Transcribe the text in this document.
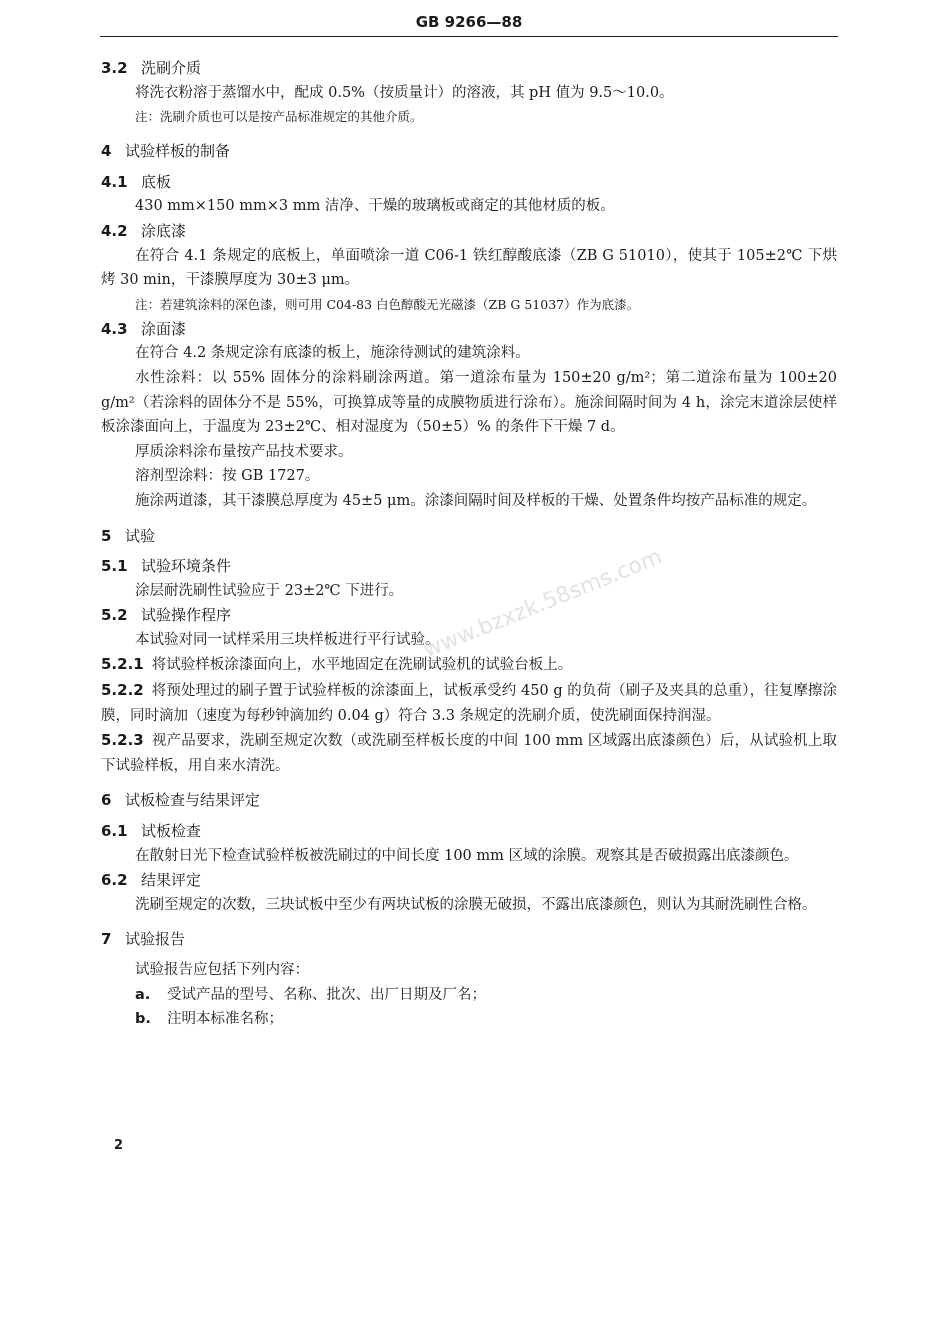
GB 9266—88
3.2 洗刷介质
将洗衣粉溶于蒸馏水中，配成 0.5%（按质量计）的溶液，其 pH 值为 9.5～10.0。
注：洗刷介质也可以是按产品标准规定的其他介质。
4 试验样板的制备
4.1 底板
430 mm×150 mm×3 mm 洁净、干燥的玻璃板或商定的其他材质的板。
4.2 涂底漆
在符合 4.1 条规定的底板上，单面喷涂一道 C06-1 铁红醇酸底漆（ZB G 51010），使其于 105±2℃ 下烘烤 30 min，干漆膜厚度为 30±3 μm。
注：若建筑涂料的深色漆，则可用 C04-83 白色醇酸无光磁漆（ZB G 51037）作为底漆。
4.3 涂面漆
在符合 4.2 条规定涂有底漆的板上，施涂待测试的建筑涂料。
水性涂料：以 55% 固体分的涂料刷涂两道。第一道涂布量为 150±20 g/m²；第二道涂布量为 100±20 g/m²（若涂料的固体分不是 55%，可换算成等量的成膜物质进行涂布）。施涂间隔时间为 4 h，涂完末道涂层使样板涂漆面向上，于温度为 23±2℃、相对湿度为（50±5）% 的条件下干燥 7 d。
厚质涂料涂布量按产品技术要求。
溶剂型涂料：按 GB 1727。
施涂两道漆，其干漆膜总厚度为 45±5 μm。涂漆间隔时间及样板的干燥、处置条件均按产品标准的规定。
5 试验
5.1 试验环境条件
涂层耐洗刷性试验应于 23±2℃ 下进行。
5.2 试验操作程序
本试验对同一试样采用三块样板进行平行试验。
5.2.1 将试验样板涂漆面向上，水平地固定在洗刷试验机的试验台板上。
5.2.2 将预处理过的刷子置于试验样板的涂漆面上，试板承受约 450 g 的负荷（刷子及夹具的总重），往复摩擦涂膜，同时滴加（速度为每秒钟滴加约 0.04 g）符合 3.3 条规定的洗刷介质，使洗刷面保持润湿。
5.2.3 视产品要求，洗刷至规定次数（或洗刷至样板长度的中间 100 mm 区域露出底漆颜色）后，从试验机上取下试验样板，用自来水清洗。
6 试板检查与结果评定
6.1 试板检查
在散射日光下检查试验样板被洗刷过的中间长度 100 mm 区域的涂膜。观察其是否破损露出底漆颜色。
6.2 结果评定
洗刷至规定的次数，三块试板中至少有两块试板的涂膜无破损，不露出底漆颜色，则认为其耐洗刷性合格。
7 试验报告
试验报告应包括下列内容：
a. 受试产品的型号、名称、批次、出厂日期及厂名；
b. 注明本标准名称；
www.bzxzk.58sms.com
2
